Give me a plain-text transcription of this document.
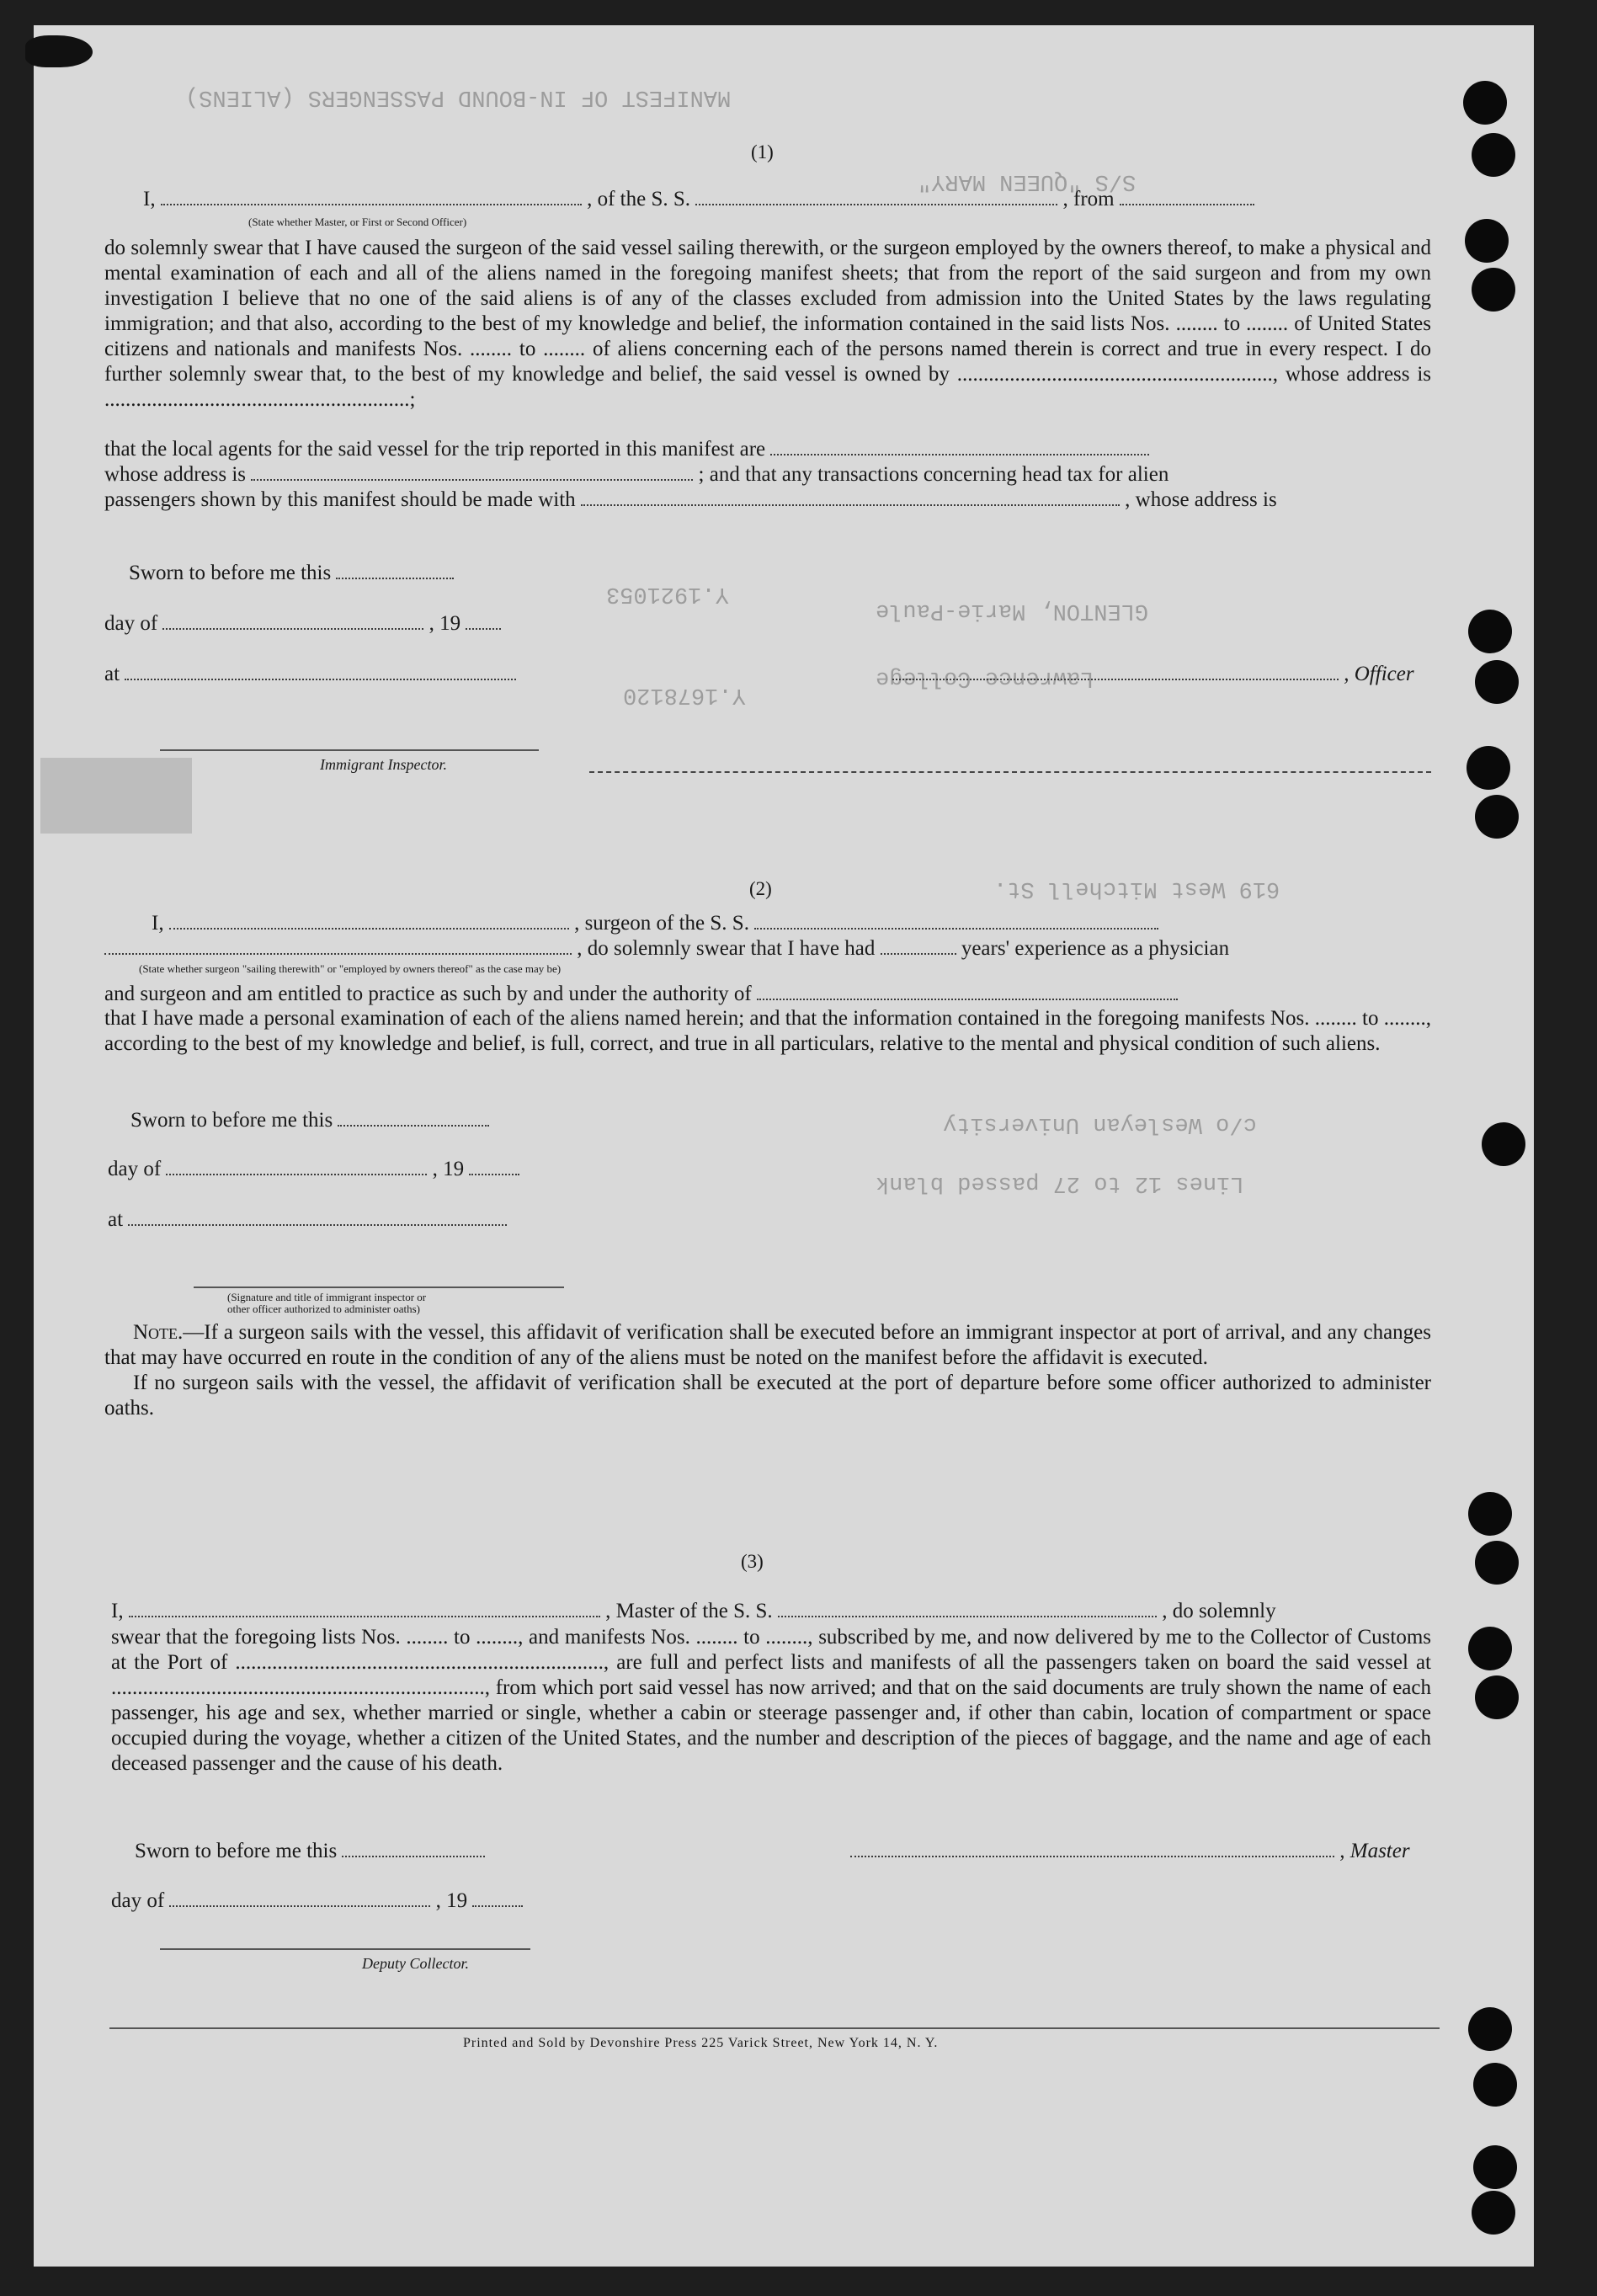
MANIFEST OF IN-BOUND PASSENGERS (ALIENS)
S/S "QUEEN MARY"
GLENTON, Marie-Paule
Y.1921053
Y.1678120
Lawrence College
619 West Mitchell St.
c/o Wesleyan University
Lines 12 to 27 passed blank
(1)
I,	, of the S. S.	, from
(State whether Master, or First or Second Officer)
do solemnly swear that I have caused the surgeon of the said vessel sailing therewith, or the surgeon employed by the owners thereof, to make a physical and mental examination of each and all of the aliens named in the foregoing manifest sheets; that from the report of the said surgeon and from my own investigation I believe that no one of the said aliens is of any of the classes excluded from admission into the United States by the laws regulating immigration; and that also, according to the best of my knowledge and belief, the information contained in the said lists Nos. ........ to ........ of United States citizens and nationals and manifests Nos. ........ to ........ of aliens concerning each of the persons named therein is correct and true in every respect. I do further solemnly swear that, to the best of my knowledge and belief, the said vessel is owned by ............................................................, whose address is ..........................................................;
that the local agents for the said vessel for the trip reported in this manifest are
whose address is	; and that any transactions concerning head tax for alien
passengers shown by this manifest should be made with	, whose address is
Sworn to before me this
day of	, 19
at	, Officer
Immigrant Inspector.
(2)
I,	, surgeon of the S. S.
, do solemnly swear that I have had	years' experience as a physician
(State whether surgeon "sailing therewith" or "employed by owners thereof" as the case may be)
and surgeon and am entitled to practice as such by and under the authority of
that I have made a personal examination of each of the aliens named herein; and that the information contained in the foregoing manifests Nos. ........ to ........, according to the best of my knowledge and belief, is full, correct, and true in all particulars, relative to the mental and physical condition of such aliens.
Sworn to before me this
day of	, 19
at
(Signature and title of immigrant inspector or
other officer authorized to administer oaths)
Note.—If a surgeon sails with the vessel, this affidavit of verification shall be executed before an immigrant inspector at port of arrival, and any changes that may have occurred en route in the condition of any of the aliens must be noted on the manifest before the affidavit is executed.
If no surgeon sails with the vessel, the affidavit of verification shall be executed at the port of departure before some officer authorized to administer oaths.
(3)
I,	, Master of the S. S.	, do solemnly
swear that the foregoing lists Nos. ........ to ........, and manifests Nos. ........ to ........, subscribed by me, and now delivered by me to the Collector of Customs at the Port of ......................................................................, are full and perfect lists and manifests of all the passengers taken on board the said vessel at ......................................................................., from which port said vessel has now arrived; and that on the said documents are truly shown the name of each passenger, his age and sex, whether married or single, whether a cabin or steerage passenger and, if other than cabin, location of compartment or space occupied during the voyage, whether a citizen of the United States, and the number and description of the pieces of baggage, and the name and age of each deceased passenger and the cause of his death.
Sworn to before me this	, Master
day of	, 19
Deputy Collector.
Printed and Sold by Devonshire Press 225 Varick Street, New York 14, N. Y.
